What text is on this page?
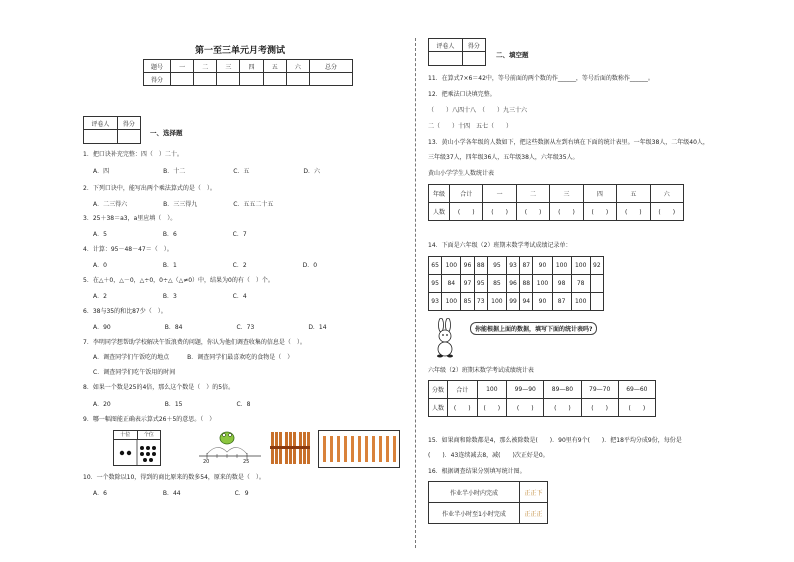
第一至三单元月考测试
题号	一	二	三	四	五	六	总分
得分							
评卷人	得分

一、选择题
1．把口诀补充完整：四（　）二十。
A．四　　　　　　　　　B．十二　　　　　　　　C．五　　　　　　　　　D．六
2．下列口诀中，能写出两个乘法算式的是（　）。
A．二三得六　　　　　　B．三三得九　　　　　　C．五五二十五
3．25＋38＝a3，a里应填（　）。
A．5　　　　　　　　　 B．6　　　　　　　　　 C．7
4．计算：95－48－47＝（　）。
A．0　　　　　　　　　 B．1　　　　　　　　　 C．2　　　　　　　　　 D．0
5．在△＋0，△－0，△÷0，0÷△（△≠0）中，结果为0的有（　）个。
A．2　　　　　　　　　 B．3　　　　　　　　　 C．4
6．38与35的和比87少（　）。
A．90　　　　　　　　　B．84　　　　　　　　　C．73　　　　　　　　　D．14
7．李明同学想帮助学校解决午饭浪费的问题，你认为他们调查收集的信息是（　）。
A．调查同学们午饭吃的地点　　　B．调查同学们最喜欢吃的食物是（　）
C．调查同学们吃午饭用的时间
8．如果一个数是25的4倍，那么这个数是（　）的5倍。
A．20　　　　　　　　　B．15　　　　　　　　　C．8
9．哪一幅图能正确表示算式26＋5的意思。（　）
十位	个位
20	25
10．一个数除以10，得到的商比原来的数多54，原来的数是（　）。
A．6　　　　　　　　　 B．44　　　　　　　　　C．9
评卷人	得分

二、填空题
11．在算式7×6＝42中，等号前面的两个数的作______，等号后面的数称作______。
12．把乘法口诀填完整。
（　　）八四十八　（　　）九三十六
二（　　）十四　五七（　　）
13．黄山小学各年级的人数如下，把这些数据从左到右填在下面的统计表里。一年级38人，二年级40人，
三年级37人，四年级36人，五年级38人，六年级35人。
黄山小学学生人数统计表
年级	合计	一	二	三	四	五	六
人数	(　　)	(　　)	(　　)	(　　)	(　　)	(　　)	(　　)
14．下面是六年级（2）班期末数学考试成绩记录单：
65	100	96	88	95	93	87	90	100	100	92
95	84	97	95	85	96	88	100	98	78	
93	100	85	73	100	99	94	90	87	100	
你能根据上面的数据，填写下面的统计表吗?
六年级（2）班期末数学考试成绩统计表
分数	合计	100	99—90	89—80	79—70	69—60
人数	(　　)	(　　)	(　　)	(　　)	(　　)	(　　)
15．如果商和除数都是4，那么被除数是(　　)．90里有9个(　　)．把18平均分成9份，每份是
(　　)．43连续减去8，减(　　)次正好是0。
16．根据调查结果分别填写统计图。
作业半小时内完成	正正下
作业半小时至1小时完成	正正正
